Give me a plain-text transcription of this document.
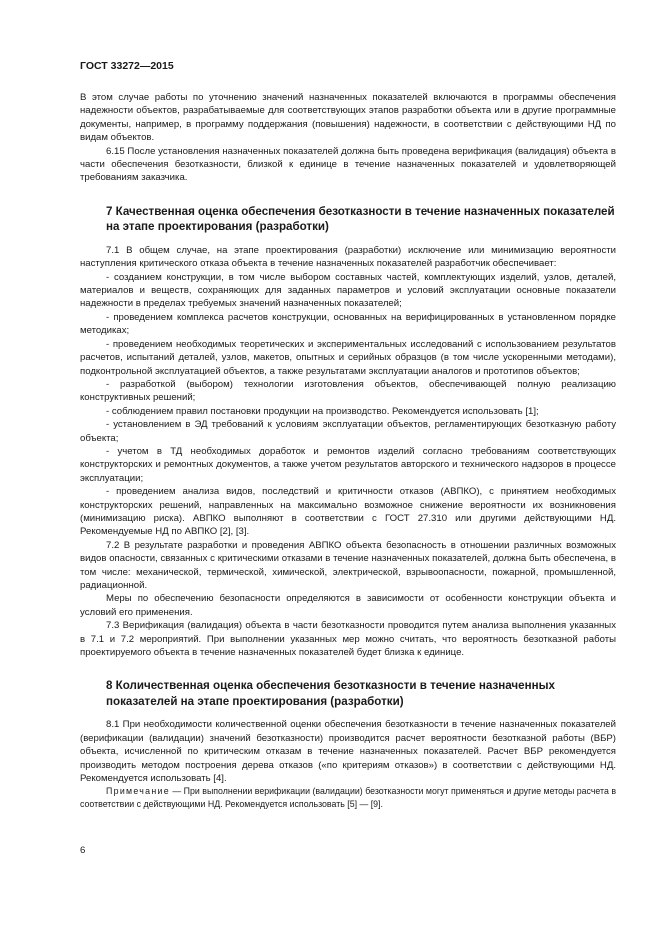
ГОСТ 33272—2015

В этом случае работы по уточнению значений назначенных показателей включаются в программы обеспечения надежности объектов, разрабатываемые для соответствующих этапов разработки объекта или в другие программные документы, например, в программу поддержания (повышения) надежности, в соответствии с действующими НД по видам объектов.

6.15 После установления назначенных показателей должна быть проведена верификация (валидация) объекта в части обеспечения безотказности, близкой к единице в течение назначенных показателей и удовлетворяющей требованиям заказчика.

7 Качественная оценка обеспечения безотказности в течение назначенных показателей на этапе проектирования (разработки)

7.1 В общем случае, на этапе проектирования (разработки) исключение или минимизацию вероятности наступления критического отказа объекта в течение назначенных показателей разработчик обеспечивает:

- созданием конструкции, в том числе выбором составных частей, комплектующих изделий, узлов, деталей, материалов и веществ, сохраняющих для заданных параметров и условий эксплуатации основные показатели надежности в пределах требуемых значений назначенных показателей;

- проведением комплекса расчетов конструкции, основанных на верифицированных в установленном порядке методиках;

- проведением необходимых теоретических и экспериментальных исследований с использованием результатов расчетов, испытаний деталей, узлов, макетов, опытных и серийных образцов (в том числе ускоренными методами), подконтрольной эксплуатацией объектов, а также результатами эксплуатации аналогов и прототипов объектов;

- разработкой (выбором) технологии изготовления объектов, обеспечивающей полную реализацию конструктивных решений;

- соблюдением правил постановки продукции на производство. Рекомендуется использовать [1];

- установлением в ЭД требований к условиям эксплуатации объектов, регламентирующих безотказную работу объекта;

- учетом в ТД необходимых доработок и ремонтов изделий согласно требованиям соответствующих конструкторских и ремонтных документов, а также учетом результатов авторского и технического надзоров в процессе эксплуатации;

- проведением анализа видов, последствий и критичности отказов (АВПКО), с принятием необходимых конструкторских решений, направленных на максимально возможное снижение вероятности их возникновения (минимизацию риска). АВПКО выполняют в соответствии с ГОСТ 27.310 или другими действующими НД. Рекомендуемые НД по АВПКО [2], [3].

7.2 В результате разработки и проведения АВПКО объекта безопасность в отношении различных возможных видов опасности, связанных с критическими отказами в течение назначенных показателей, должна быть обеспечена, в том числе: механической, термической, химической, электрической, взрывоопасности, пожарной, промышленной, радиационной.

Меры по обеспечению безопасности определяются в зависимости от особенности конструкции объекта и условий его применения.

7.3 Верификация (валидация) объекта в части безотказности проводится путем анализа выполнения указанных в 7.1 и 7.2 мероприятий. При выполнении указанных мер можно считать, что вероятность безотказной работы проектируемого объекта в течение назначенных показателей будет близка к единице.

8 Количественная оценка обеспечения безотказности в течение назначенных показателей на этапе проектирования (разработки)

8.1 При необходимости количественной оценки обеспечения безотказности в течение назначенных показателей (верификации (валидации) значений безотказности) производится расчет вероятности безотказной работы (ВБР) объекта, исчисленной по критическим отказам в течение назначенных показателей. Расчет ВБР рекомендуется производить методом построения дерева отказов («по критериям отказов») в соответствии с действующими НД. Рекомендуется использовать [4].

Примечание — При выполнении верификации (валидации) безотказности могут применяться и другие методы расчета в соответствии с действующими НД. Рекомендуется использовать [5] — [9].

6
